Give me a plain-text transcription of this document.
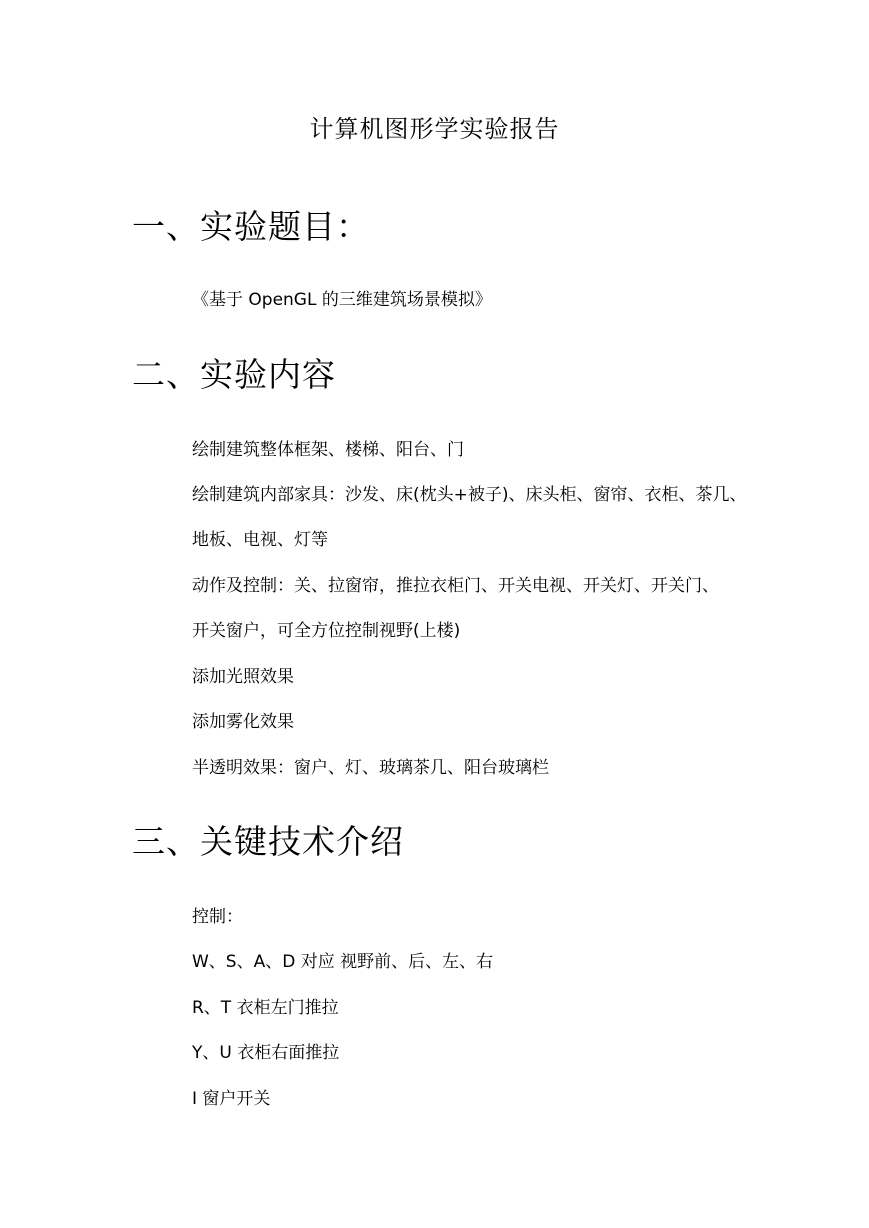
计算机图形学实验报告
一、实验题目：
《基于 OpenGL 的三维建筑场景模拟》
二、实验内容
绘制建筑整体框架、楼梯、阳台、门
绘制建筑内部家具：沙发、床(枕头+被子)、床头柜、窗帘、衣柜、茶几、
地板、电视、灯等
动作及控制：关、拉窗帘，推拉衣柜门、开关电视、开关灯、开关门、
开关窗户，可全方位控制视野(上楼)
添加光照效果
添加雾化效果
半透明效果：窗户、灯、玻璃茶几、阳台玻璃栏
三、关键技术介绍
控制：
W、S、A、D 对应 视野前、后、左、右
R、T 衣柜左门推拉
Y、U 衣柜右面推拉
I 窗户开关
